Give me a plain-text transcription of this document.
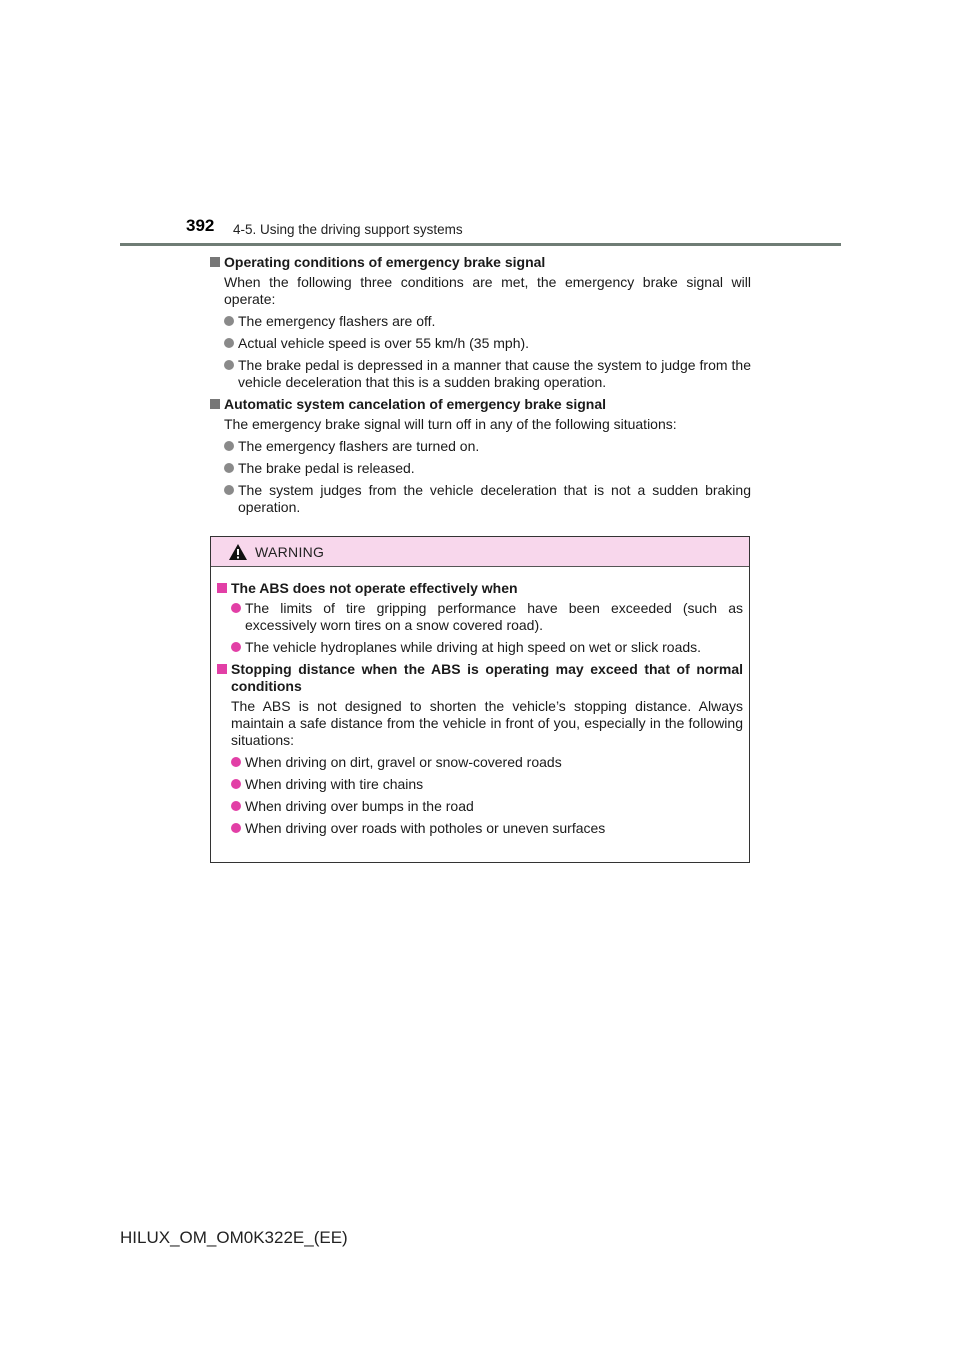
392 4-5. Using the driving support systems
Operating conditions of emergency brake signal
When the following three conditions are met, the emergency brake signal will operate:
The emergency flashers are off.
Actual vehicle speed is over 55 km/h (35 mph).
The brake pedal is depressed in a manner that cause the system to judge from the vehicle deceleration that this is a sudden braking operation.
Automatic system cancelation of emergency brake signal
The emergency brake signal will turn off in any of the following situations:
The emergency flashers are turned on.
The brake pedal is released.
The system judges from the vehicle deceleration that is not a sudden braking operation.
WARNING
The ABS does not operate effectively when
The limits of tire gripping performance have been exceeded (such as excessively worn tires on a snow covered road).
The vehicle hydroplanes while driving at high speed on wet or slick roads.
Stopping distance when the ABS is operating may exceed that of normal conditions
The ABS is not designed to shorten the vehicle’s stopping distance. Always maintain a safe distance from the vehicle in front of you, especially in the following situations:
When driving on dirt, gravel or snow-covered roads
When driving with tire chains
When driving over bumps in the road
When driving over roads with potholes or uneven surfaces
HILUX_OM_OM0K322E_(EE)
